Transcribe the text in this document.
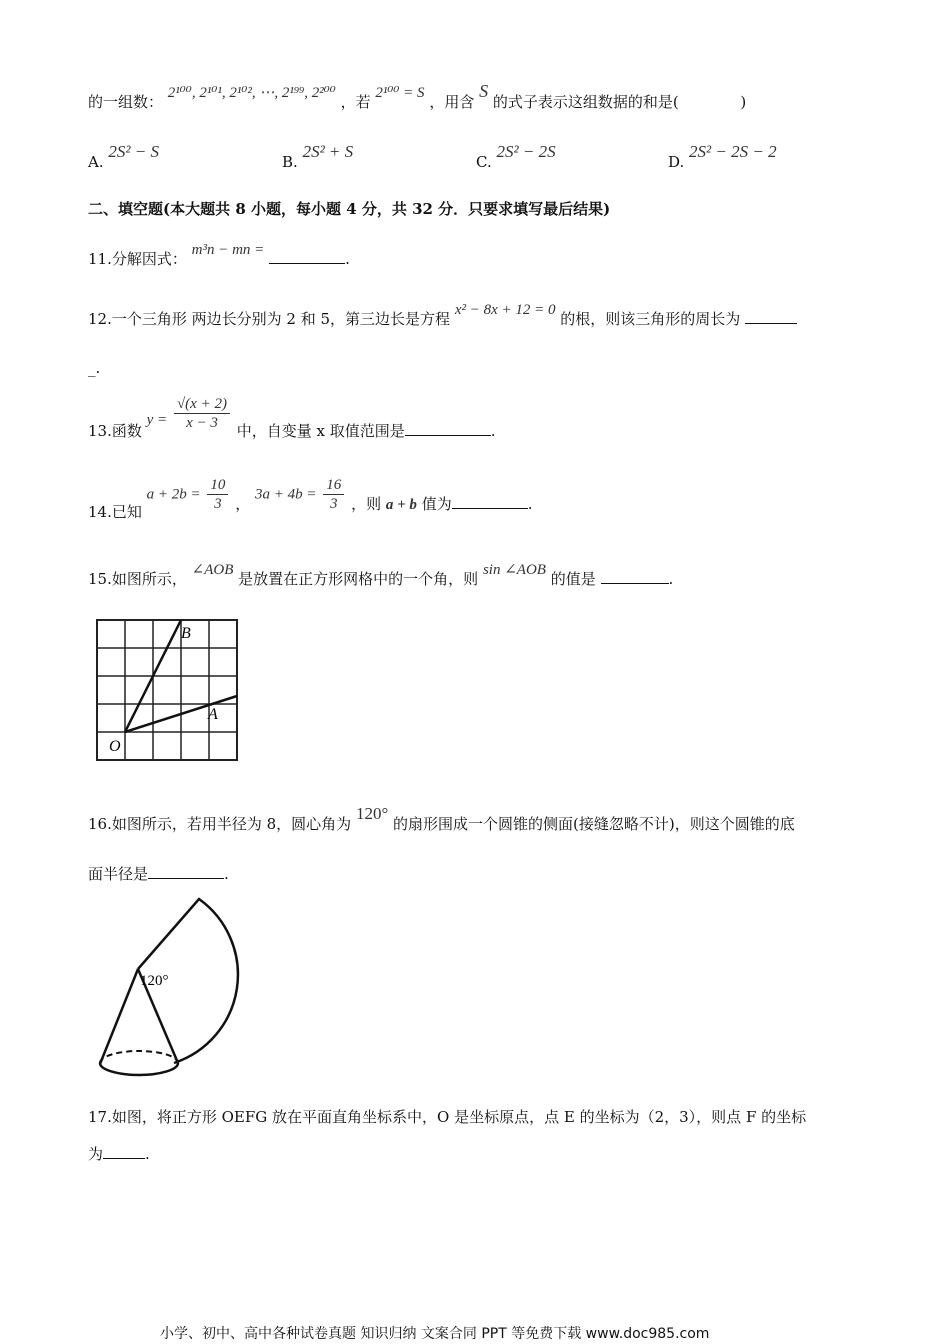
的一组数： 2¹⁰⁰, 2¹⁰¹, 2¹⁰², ⋯, 2¹⁹⁹, 2²⁰⁰ ，若 2¹⁰⁰ = S ，用含 S 的式子表示这组数据的和是(	)
A. 2S² − S
B. 2S² + S
C. 2S² − 2S
D. 2S² − 2S − 2
二、填空题(本大题共 8 小题，每小题 4 分，共 32 分．只要求填写最后结果)
11.分解因式： m³n − mn =	.
12.一个三角形 两边长分别为 2 和 5，第三边长是方程 x² − 8x + 12 = 0 的根，则该三角形的周长为
_.
13.函数 $y = \frac{√(x + 2)}{x - 3}$ 中，自变量 x 取值范围是	.
14.已知 $a + 2b = \frac{10}{3}$ ， $3a + 4b = \frac{16}{3}$ ，则 a + b 值为	.
15.如图所示， ∠AOB 是放置在正方形网格中的一个角，则 sin ∠AOB 的值是	.
B
A
O
16.如图所示，若用半径为 8，圆心角为 120° 的扇形围成一个圆锥的侧面(接缝忽略不计)，则这个圆锥的底
面半径是	.
120°
17.如图，将正方形 OEFG 放在平面直角坐标系中，O 是坐标原点，点 E 的坐标为（2，3），则点 F 的坐标
为	.
小学、初中、高中各种试卷真题 知识归纳 文案合同 PPT 等免费下载 www.doc985.com
